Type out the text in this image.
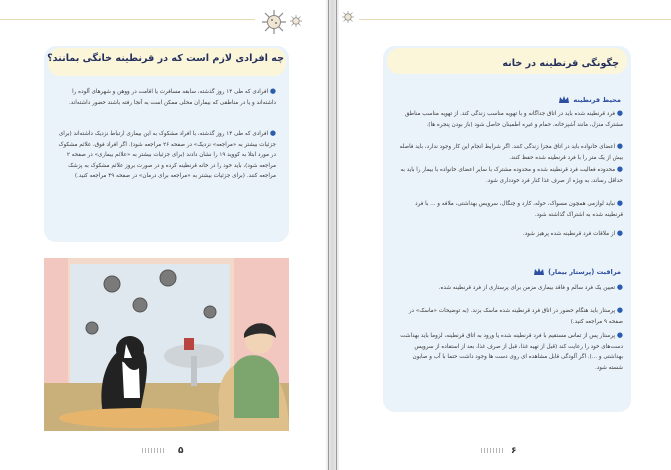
چه افرادی لازم است که در قرنطینه خانگی بمانند؟
● افرادی که طی ۱۴ روز گذشته، سابقه مسافرت یا اقامت در ووهن و شهرهای آلوده را داشته‌اند و یا در مناطقی که بیماران محلی ممکن است به آنجا رفته باشند حضور داشته‌اند.
● افرادی که طی ۱۴ روز گذشته، با افراد مشکوک به این بیماری ارتباط نزدیک داشته‌اند (برای جزئیات بیشتر به «مراجعه» نزدیک» در صفحه ۲۶ مراجعه شود). اگر افراد فوق، علائم مشکوک در مورد ابتلا به کووید ۱۹ را نشان دادند (برای جزئیات بیشتر به «علائم بیماری» در صفحه ۲ مراجعه شود)، باید خود را در خانه قرنطینه کرده و در صورت بروز علائم مشکوک به پزشک مراجعه کنند. (برای جزئیات بیشتر به «مراجعه برای درمان» در صفحه ۴۹ مراجعه کنید.)
۵
چگونگی قرنطینه در خانه
محیط قرنطینه
● فرد قرنطینه شده باید در اتاق جداگانه و با تهویه مناسب زندگی کند. از تهویه مناسب مناطق مشترک منزل، مانند آشپزخانه، حمام و غیره اطمینان حاصل شود (باز بودن پنجره ها).
● اعضای خانواده باید در اتاق مجزا زندگی کنند. اگر شرایط انجام این کار وجود ندارد، باید فاصله بیش از یک متر را با فرد قرنطینه شده حفظ کنند.
● محدوده فعالیت فرد قرنطینه شده و محدوده مشترک با سایر اعضای خانواده با بیمار را باید به حداقل رساند، به ویژه از صرف غذا کنار فرد خودداری شود.
● نباید لوازمی همچون مسواک، حوله، کارد و چنگال، سرویس بهداشتی، ملافه و ... با فرد قرنطینه شده به اشتراک گذاشته شود.
● از ملاقات فرد قرنطینه شده پرهیز شود.
مراقبت (پرستار بیمار)
● تعیین یک فرد سالم و فاقد بیماری مزمن برای پرستاری از فرد قرنطینه شده.
● پرستار باید هنگام حضور در اتاق فرد قرنطینه شده ماسک بزند. (به توضیحات «ماسک» در صفحه ۹ مراجعه کنید.)
● پرستار پس از تماس مستقیم با فرد قرنطینه شده یا ورود به اتاق قرنطینه، لزوما باید بهداشت دست‌های خود را رعایت کند (قبل از تهیه غذا، قبل از صرف غذا، بعد از استفاده از سرویس بهداشتی و ...). اگر آلودگی قابل مشاهده ای روی دست ها وجود داشت حتما با آب و صابون شسته شود.
۶
